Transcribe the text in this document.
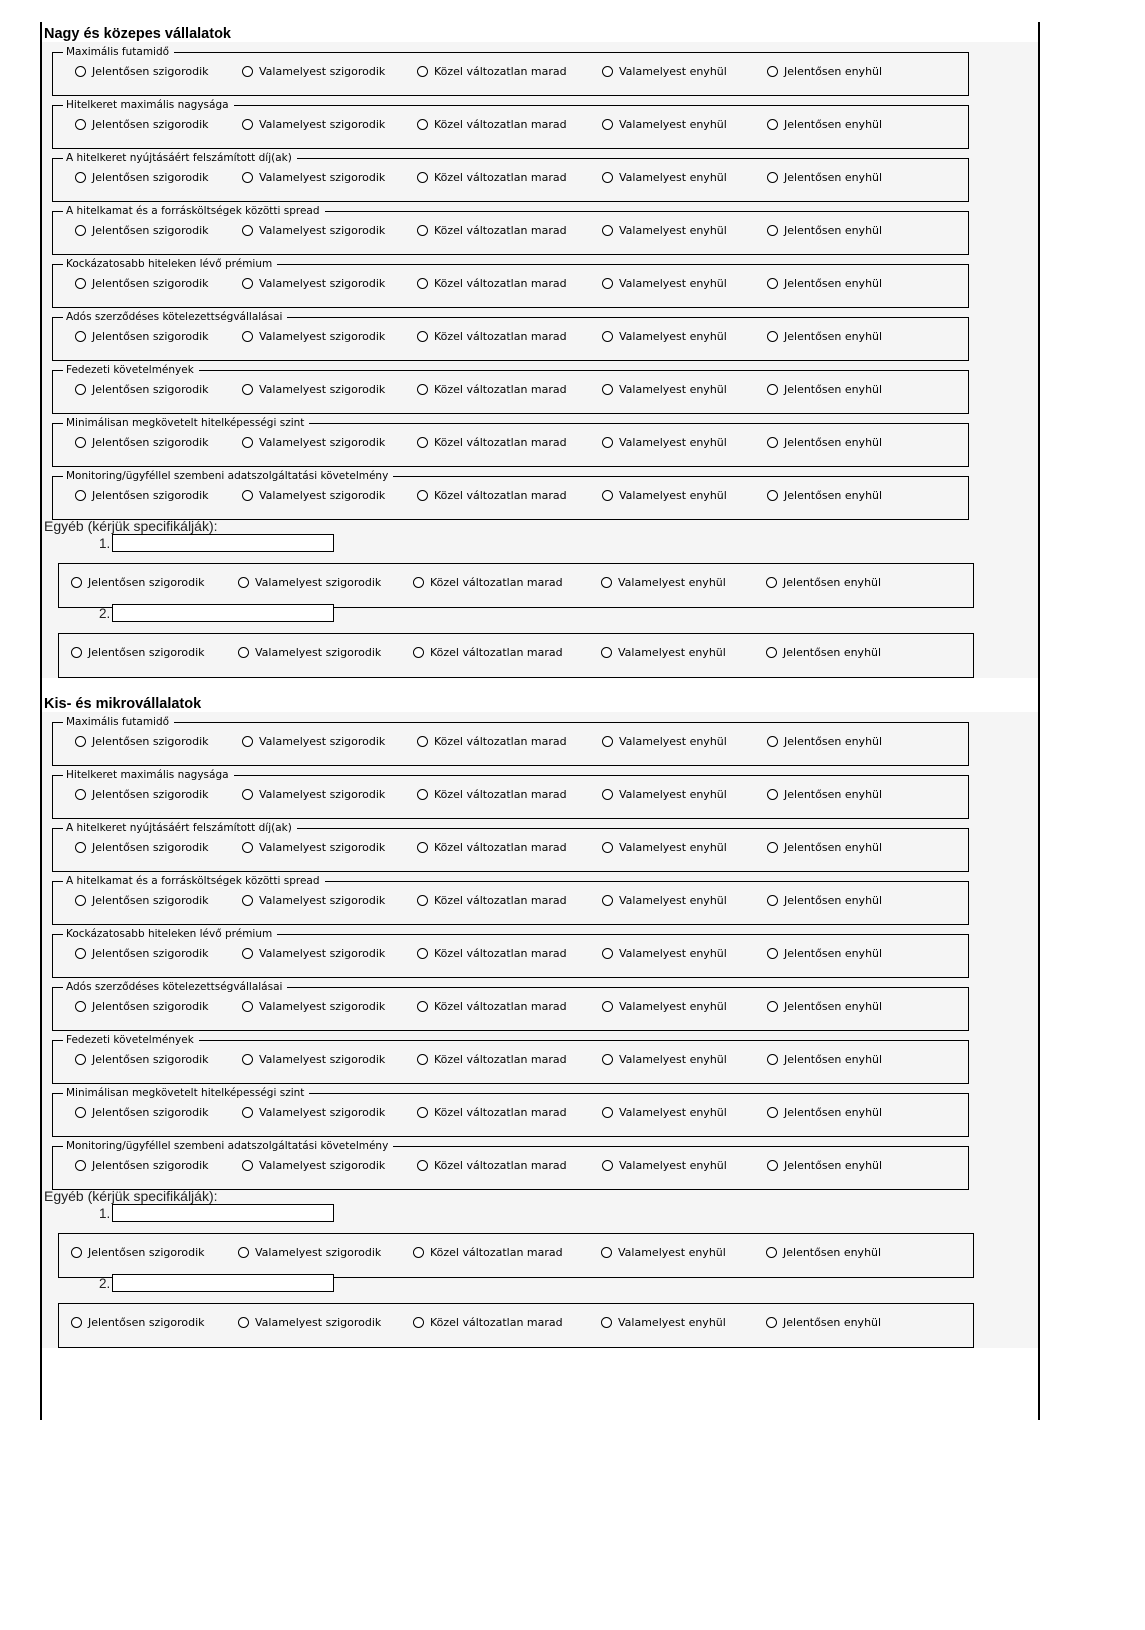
Nagy és közepes vállalatok
Maximális futamidő
Jelentősen szigorodik	Valamelyest szigorodik	Közel változatlan marad	Valamelyest enyhül	Jelentősen enyhül
Hitelkeret maximális nagysága
Jelentősen szigorodik	Valamelyest szigorodik	Közel változatlan marad	Valamelyest enyhül	Jelentősen enyhül
A hitelkeret nyújtásáért felszámított díj(ak)
Jelentősen szigorodik	Valamelyest szigorodik	Közel változatlan marad	Valamelyest enyhül	Jelentősen enyhül
A hitelkamat és a forrásköltségek közötti spread
Jelentősen szigorodik	Valamelyest szigorodik	Közel változatlan marad	Valamelyest enyhül	Jelentősen enyhül
Kockázatosabb hiteleken lévő prémium
Jelentősen szigorodik	Valamelyest szigorodik	Közel változatlan marad	Valamelyest enyhül	Jelentősen enyhül
Adós szerződéses kötelezettségvállalásai
Jelentősen szigorodik	Valamelyest szigorodik	Közel változatlan marad	Valamelyest enyhül	Jelentősen enyhül
Fedezeti követelmények
Jelentősen szigorodik	Valamelyest szigorodik	Közel változatlan marad	Valamelyest enyhül	Jelentősen enyhül
Minimálisan megkövetelt hitelképességi szint
Jelentősen szigorodik	Valamelyest szigorodik	Közel változatlan marad	Valamelyest enyhül	Jelentősen enyhül
Monitoring/ügyféllel szembeni adatszolgáltatási követelmény
Jelentősen szigorodik	Valamelyest szigorodik	Közel változatlan marad	Valamelyest enyhül	Jelentősen enyhül
Egyéb (kérjük specifikálják):
1.
Jelentősen szigorodik	Valamelyest szigorodik	Közel változatlan marad	Valamelyest enyhül	Jelentősen enyhül
2.
Jelentősen szigorodik	Valamelyest szigorodik	Közel változatlan marad	Valamelyest enyhül	Jelentősen enyhül
Kis- és mikrovállalatok
Maximális futamidő
Jelentősen szigorodik	Valamelyest szigorodik	Közel változatlan marad	Valamelyest enyhül	Jelentősen enyhül
Hitelkeret maximális nagysága
Jelentősen szigorodik	Valamelyest szigorodik	Közel változatlan marad	Valamelyest enyhül	Jelentősen enyhül
A hitelkeret nyújtásáért felszámított díj(ak)
Jelentősen szigorodik	Valamelyest szigorodik	Közel változatlan marad	Valamelyest enyhül	Jelentősen enyhül
A hitelkamat és a forrásköltségek közötti spread
Jelentősen szigorodik	Valamelyest szigorodik	Közel változatlan marad	Valamelyest enyhül	Jelentősen enyhül
Kockázatosabb hiteleken lévő prémium
Jelentősen szigorodik	Valamelyest szigorodik	Közel változatlan marad	Valamelyest enyhül	Jelentősen enyhül
Adós szerződéses kötelezettségvállalásai
Jelentősen szigorodik	Valamelyest szigorodik	Közel változatlan marad	Valamelyest enyhül	Jelentősen enyhül
Fedezeti követelmények
Jelentősen szigorodik	Valamelyest szigorodik	Közel változatlan marad	Valamelyest enyhül	Jelentősen enyhül
Minimálisan megkövetelt hitelképességi szint
Jelentősen szigorodik	Valamelyest szigorodik	Közel változatlan marad	Valamelyest enyhül	Jelentősen enyhül
Monitoring/ügyféllel szembeni adatszolgáltatási követelmény
Jelentősen szigorodik	Valamelyest szigorodik	Közel változatlan marad	Valamelyest enyhül	Jelentősen enyhül
Egyéb (kérjük specifikálják):
1.
Jelentősen szigorodik	Valamelyest szigorodik	Közel változatlan marad	Valamelyest enyhül	Jelentősen enyhül
2.
Jelentősen szigorodik	Valamelyest szigorodik	Közel változatlan marad	Valamelyest enyhül	Jelentősen enyhül
